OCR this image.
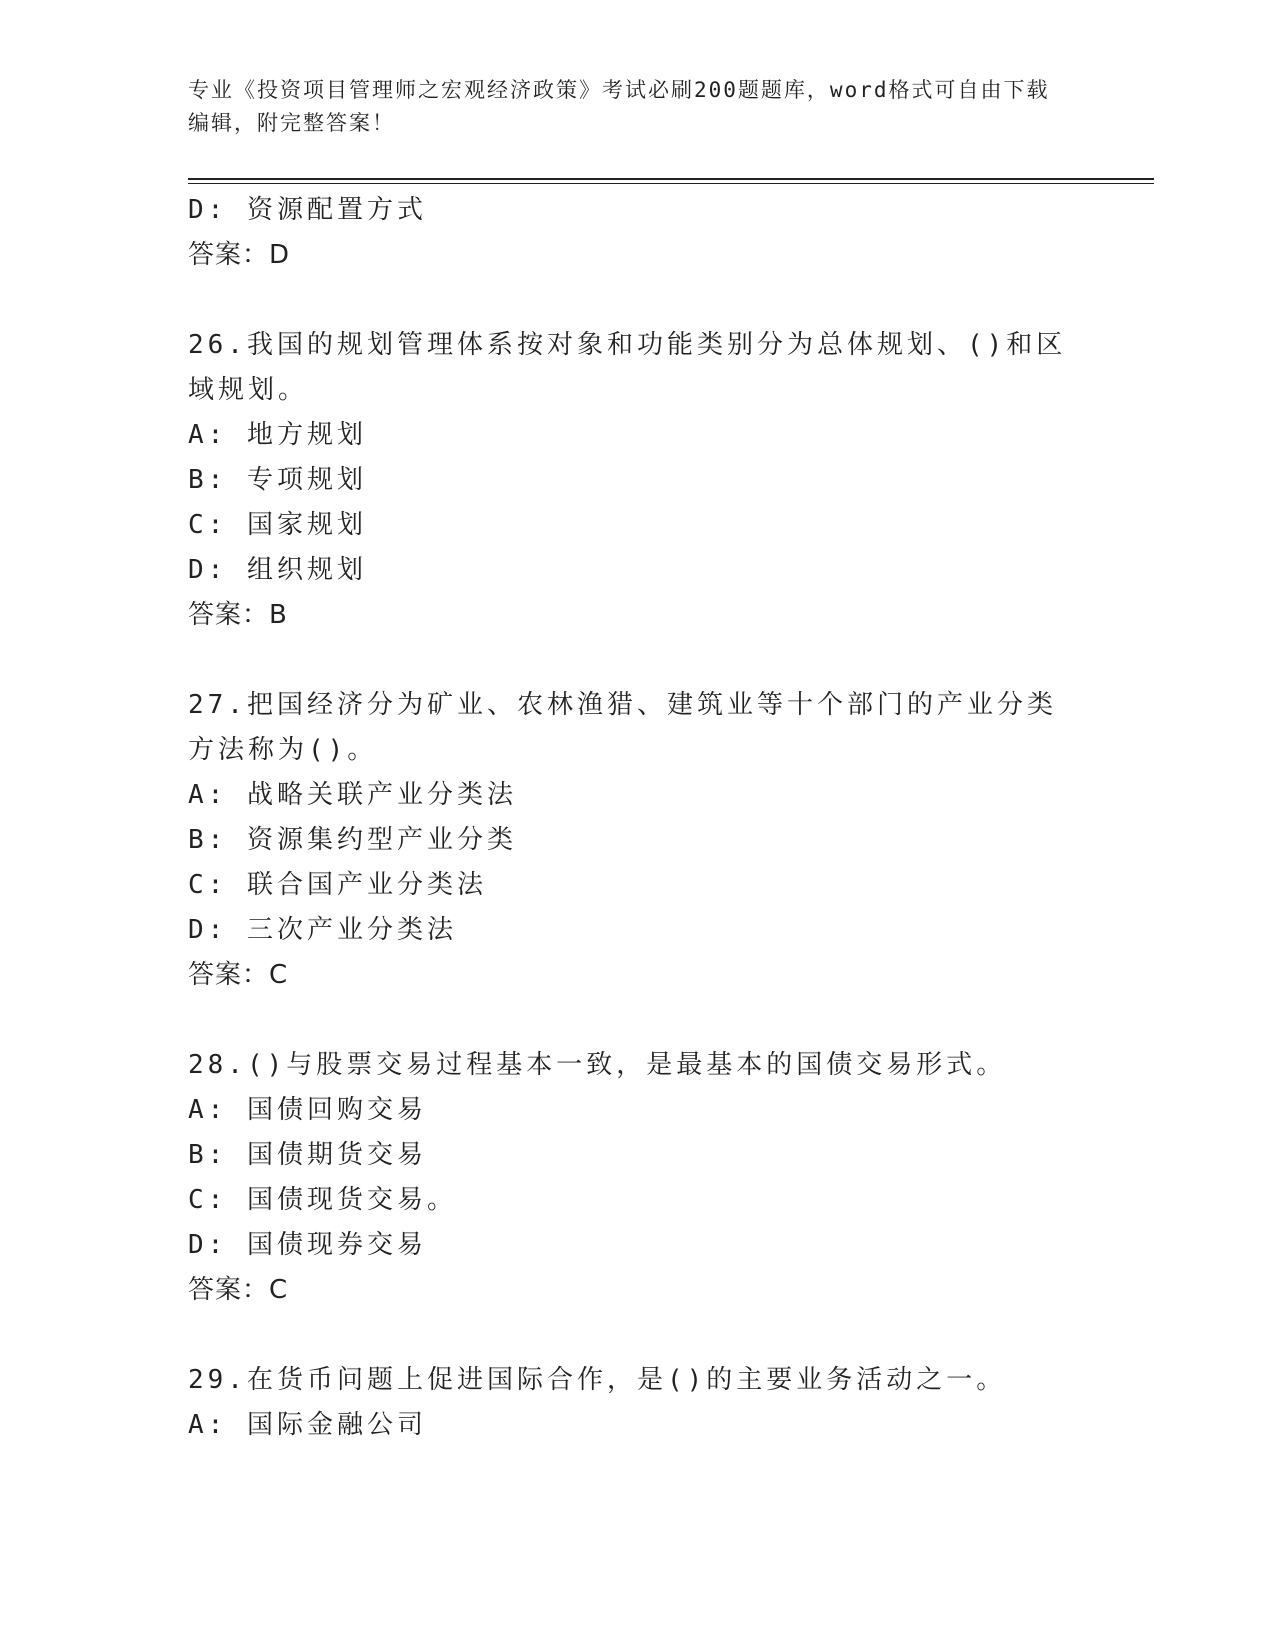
专业《投资项目管理师之宏观经济政策》考试必刷200题题库，word格式可自由下载编辑，附完整答案！
D: 资源配置方式
答案：D
26.我国的规划管理体系按对象和功能类别分为总体规划、()和区域规划。
A: 地方规划
B: 专项规划
C: 国家规划
D: 组织规划
答案：B
27.把国经济分为矿业、农林渔猎、建筑业等十个部门的产业分类方法称为()。
A: 战略关联产业分类法
B: 资源集约型产业分类
C: 联合国产业分类法
D: 三次产业分类法
答案：C
28.()与股票交易过程基本一致，是最基本的国债交易形式。
A: 国债回购交易
B: 国债期货交易
C: 国债现货交易。
D: 国债现券交易
答案：C
29.在货币问题上促进国际合作，是()的主要业务活动之一。
A: 国际金融公司
